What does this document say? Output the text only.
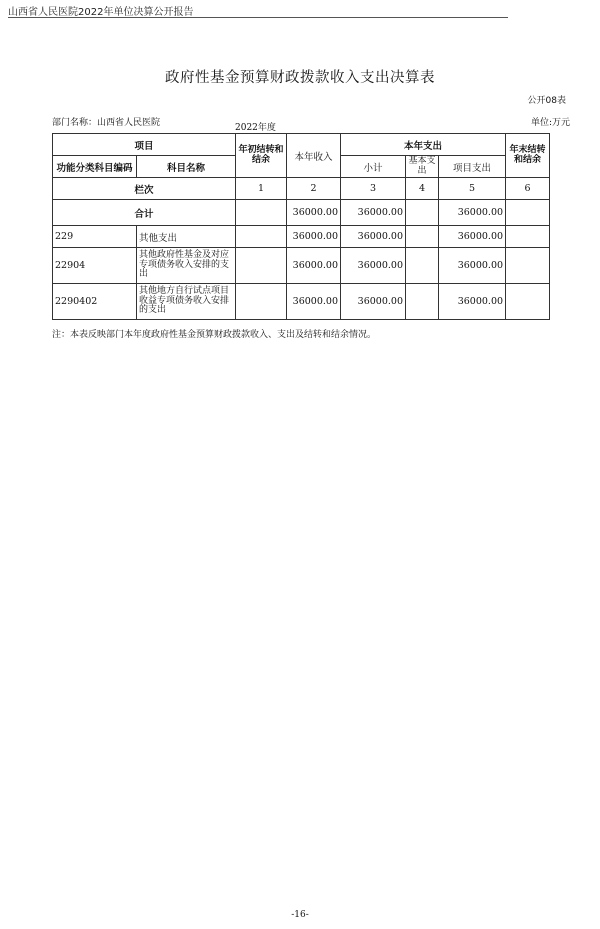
山西省人民医院2022年单位决算公开报告
政府性基金预算财政拨款收入支出决算表
公开08表
部门名称：山西省人民医院	2022年度	单位:万元
项目		年初结转和结余	本年收入	本年支出			年末结转和结余
功能分类科目编码	科目名称			小计	基本支出	项目支出	
栏次		1	2	3	4	5	6
合计			36000.00	36000.00		36000.00	
229	其他支出		36000.00	36000.00		36000.00	
22904	其他政府性基金及对应专项债务收入安排的支出		36000.00	36000.00		36000.00	
2290402	其他地方自行试点项目收益专项债务收入安排的支出		36000.00	36000.00		36000.00	
注：本表反映部门本年度政府性基金预算财政拨款收入、支出及结转和结余情况。
-16-
